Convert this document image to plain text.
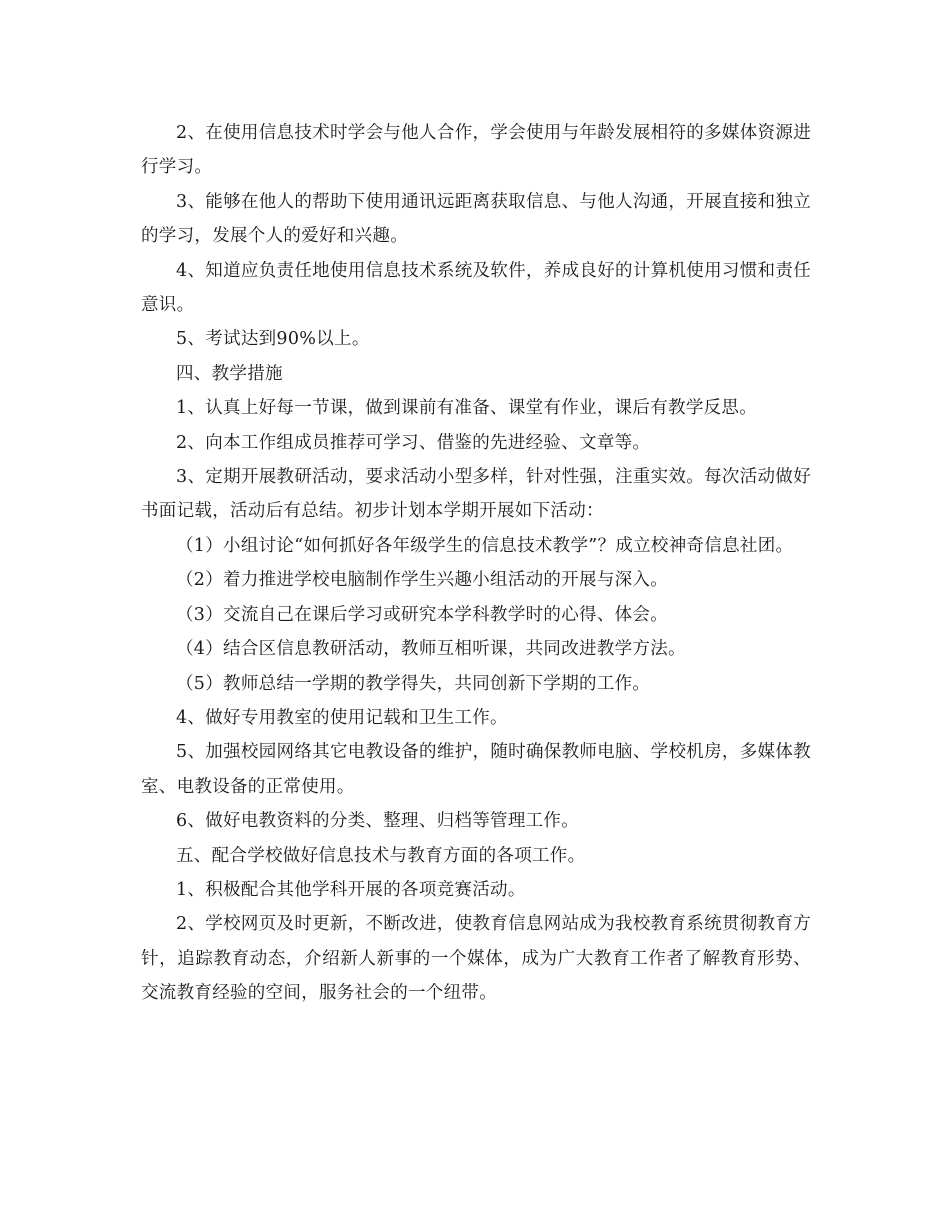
2、在使用信息技术时学会与他人合作，学会使用与年龄发展相符的多媒体资源进行学习。

3、能够在他人的帮助下使用通讯远距离获取信息、与他人沟通，开展直接和独立的学习，发展个人的爱好和兴趣。

4、知道应负责任地使用信息技术系统及软件，养成良好的计算机使用习惯和责任意识。

5、考试达到90%以上。

四、教学措施

1、认真上好每一节课，做到课前有准备、课堂有作业，课后有教学反思。

2、向本工作组成员推荐可学习、借鉴的先进经验、文章等。

3、定期开展教研活动，要求活动小型多样，针对性强，注重实效。每次活动做好书面记载，活动后有总结。初步计划本学期开展如下活动：

（1）小组讨论“如何抓好各年级学生的信息技术教学”？成立校神奇信息社团。

（2）着力推进学校电脑制作学生兴趣小组活动的开展与深入。

（3）交流自己在课后学习或研究本学科教学时的心得、体会。

（4）结合区信息教研活动，教师互相听课，共同改进教学方法。

（5）教师总结一学期的教学得失，共同创新下学期的工作。

4、做好专用教室的使用记载和卫生工作。

5、加强校园网络其它电教设备的维护，随时确保教师电脑、学校机房，多媒体教室、电教设备的正常使用。

6、做好电教资料的分类、整理、归档等管理工作。

五、配合学校做好信息技术与教育方面的各项工作。

1、积极配合其他学科开展的各项竞赛活动。

2、学校网页及时更新，不断改进，使教育信息网站成为我校教育系统贯彻教育方针，追踪教育动态，介绍新人新事的一个媒体，成为广大教育工作者了解教育形势、交流教育经验的空间，服务社会的一个纽带。
